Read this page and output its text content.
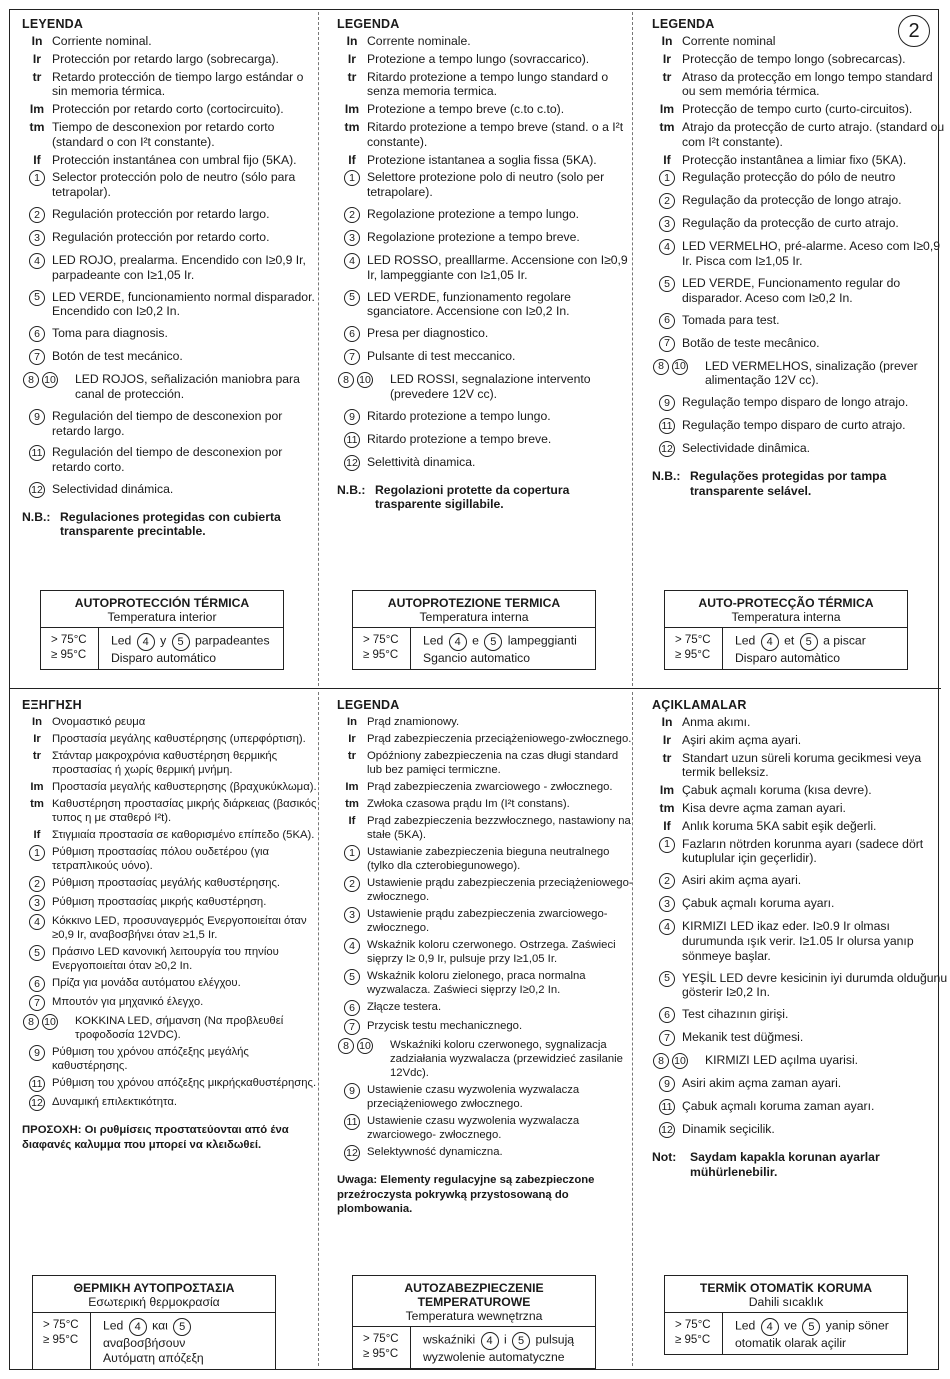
2
LEYENDA
In Corriente nominal.
Ir Protección por retardo largo (sobrecarga).
tr Retardo protección de tiempo largo estándar o sin memoria térmica.
Im Protección por retardo corto (cortocircuito).
tm Tiempo de desconexion por retardo corto (standard o con I²t constante).
If Protección instantánea con umbral fijo (5KA).
1 Selector protección polo de neutro (sólo para tetrapolar).
2 Regulación protección por retardo largo.
3 Regulación protección por retardo corto.
4 LED ROJO, prealarma. Encendido con I≥0,9 Ir, parpadeante con I≥1,05 Ir.
5 LED VERDE, funcionamiento normal disparador. Encendido con I≥0,2 In.
6 Toma para diagnosis.
7 Botón de test mecánico.
8 10 LED ROJOS, señalización maniobra para canal de protección.
9 Regulación del tiempo de desconexion por retardo largo.
11 Regulación del tiempo de desconexion por retardo corto.
12 Selectividad dinámica.
N.B.: Regulaciones protegidas con cubierta transparente precintable.
AUTOPROTECCIÓN TÉRMICA
Temperatura interior
> 75°C
≥ 95°C
Led 4 y 5 parpadeantes
Disparo automático
LEGENDA
In Corrente nominale.
Ir Protezione a tempo lungo (sovraccarico).
tr Ritardo protezione a tempo lungo standard o senza memoria termica.
Im Protezione a tempo breve (c.to c.to).
tm Ritardo protezione a tempo breve (stand. o a I²t constante).
If Protezione istantanea a soglia fissa (5KA).
1 Selettore protezione polo di neutro (solo per tetrapolare).
2 Regolazione protezione a tempo lungo.
3 Regolazione protezione a tempo breve.
4 LED ROSSO, prealllarme. Accensione con I≥0,9 Ir, lampeggiante con I≥1,05 Ir.
5 LED VERDE, funzionamento regolare sganciatore. Accensione con I≥0,2 In.
6 Presa per diagnostico.
7 Pulsante di test meccanico.
8 10 LED ROSSI, segnalazione intervento (prevedere 12V cc).
9 Ritardo protezione a tempo lungo.
11 Ritardo protezione a tempo breve.
12 Selettività dinamica.
N.B.: Regolazioni protette da copertura trasparente sigillabile.
AUTOPROTEZIONE TERMICA
Temperatura interna
> 75°C
≥ 95°C
Led 4 e 5 lampeggianti
Sgancio automatico
LEGENDA
In Corrente nominal
Ir Protecção de tempo longo (sobrecarcas).
tr Atraso da protecção em longo tempo standard ou sem memória térmica.
Im Protecção de tempo curto (curto-circuitos).
tm Atrajo da protecção de curto atrajo. (standard ou com I²t constante).
If Protecção instantânea a limiar fixo (5KA).
1 Regulação protecção do pólo de neutro
2 Regulação da protecção de longo atrajo.
3 Regulação da protecção de curto atrajo.
4 LED VERMELHO, pré-alarme. Aceso com I≥0,9 Ir. Pisca com I≥1,05 Ir.
5 LED VERDE, Funcionamento regular do disparador. Aceso com I≥0,2 In.
6 Tomada para test.
7 Botão de teste mecânico.
8 10 LED VERMELHOS, sinalização (prever alimentação 12V cc).
9 Regulação tempo disparo de longo atrajo.
11 Regulação tempo disparo de curto atrajo.
12 Selectividade dinâmica.
N.B.: Regulações protegidas por tampa transparente selável.
AUTO-PROTECÇÃO TÉRMICA
Temperatura interna
> 75°C
≥ 95°C
Led 4 et 5 a piscar
Disparo automàtico
ΕΞΗΓΗΣΗ
In Ονομαστικό ρευμα
Ir Προστασία μεγάλης καθυστέρησης (υπερφόρτιση).
tr Στάνταρ μακροχρόνια καθυστέρηση θερμικής προστασίας ή χωρίς θερμική μνήμη.
Im Προστασία μεγαλής καθυστερησης (βραχυκύκλωμα).
tm Καθυστέρηση προστασίας μικρής διάρκειας (βασικός τυπος η με σταθερό I²t).
If	Στιγμιαία προστασία σε καθορισμένο επίπεδο (5KA).
1	Ρύθμιση προστασίας πόλου ουδετέρου (για τετραπλικούς υόνο).
2	Ρύθμιση προστασίας μεγάλής καθυστέρησης.
3	Ρύθμιση προστασίας μικρής καθυστέρηση.
4	Κόκκινο LED, προσυναγερμός Ενεργοποιείται όταν ≥0,9 Ir, αναβοσβήνει όταν ≥1,5 Ir.
5	Πράσινο LED κανονική λειτουργία του πηνίου Ενεργοποιείται όταν ≥0,2 In.
6	Πρίζα για μονάδα αυτόματου ελέγχου.
7	Μπουτόν για μηχανικό έλεγχο.
8 10 ΚΟΚΚΙΝΑ LED, σήμανση (Να προβλευθεί τροφοδοσία 12VDC).
9	Ρύθμιση του χρόνου απόζεξης μεγάλής καθυστέρησης.
11 Ρύθμιση του χρόνου απόζεξης μικρήςκαθυστέρησης.
12 Δυναμική επιλεκτικότητα.
ΠΡΟΣΟΧΗ: Οι ρυθμίσεις προστατεύονται από ένα διαφανές καλυμμα που μπορεί να κλειδωθεί.
ΘΕΡΜΙΚΗ ΑΥΤΟΠΡΟΣΤΑΣΙΑ
Εσωτερική θερμοκρασία
> 75°C
≥ 95°C
Led 4 και 5 αναβοσβήσουν
Αυτόματη απόζεξη
LEGENDA
In Prąd znamionowy.
Ir Prąd zabezpieczenia przeciążeniowego-zwłocznego.
tr Opóźniony zabezpieczenia na czas długi standard lub bez pamięci termiczne.
Im Prąd zabezpieczenia zwarciowego - zwłocznego.
tm Zwłoka czasowa prądu Im (I²t constans).
If	Prąd zabezpieczenia bezzwłocznego, nastawiony na stałe (5KA).
1	Ustawianie zabezpieczenia bieguna neutralnego (tylko dla czterobiegunowego).
2	Ustawienie prądu zabezpieczenia przeciążeniowego- zwłocznego.
3	Ustawienie prądu zabezpieczenia zwarciowego- zwłocznego.
4	Wskaźnik koloru czerwonego. Ostrzega. Zaświeci sięprzy I≥ 0,9 Ir, pulsuje przy I≥1,05 Ir.
5	Wskaźnik koloru zielonego, praca normalna wyzwalacza. Zaświeci sięprzy I≥0,2 In.
6	Złącze testera.
7	Przycisk testu mechanicznego.
8 10 Wskaźniki koloru czerwonego, sygnalizacja zadziałania wyzwalacza (przewidzieć zasilanie 12Vdc).
9	Ustawienie czasu wyzwolenia wyzwalacza przeciążeniowego zwłocznego.
11 Ustawienie czasu wyzwolenia wyzwalacza zwarciowego- zwłocznego.
12 Selektywność dynamiczna.
Uwaga: Elementy regulacyjne są zabezpieczone przeźroczysta pokrywką przystosowaną do plombowania.
AUTOZABEZPIECZENIE TEMPERATUROWE
Temperatura wewnętrzna
> 75°C
≥ 95°C
wskaźniki 4 i 5 pulsują
wyzwolenie automatyczne
AÇIKLAMALAR
In Anma akımı.
Ir Aşiri akim açma ayari.
tr Standart uzun süreli koruma gecikmesi veya termik belleksiz.
Im Çabuk açmalı koruma (kısa devre).
tm Kisa devre açma zaman ayari.
If Anlık koruma 5KA sabit eşik değerli.
1 Fazların nötrden korunma ayarı (sadece dört kutuplular için geçerlidir).
2 Asiri akim açma ayari.
3 Çabuk açmalı koruma ayarı.
4 KIRMIZI LED ikaz eder. I≥0.9 Ir olması durumunda ışık verir. I≥1.05 Ir olursa yanıp sönmeye başlar.
5 YEŞİL LED devre kesicinin iyi durumda olduğunu gösterir I≥0,2 In.
6 Test cihazının girişi.
7 Mekanik test düğmesi.
8 10 KIRMIZI LED açılma uyarisi.
9 Asiri akim açma zaman ayari.
11 Çabuk açmalı koruma zaman ayarı.
12 Dinamik seçicilik.
Not:	Saydam kapakla korunan ayarlar mühürlenebilir.
TERMİK OTOMATİK KORUMA
Dahili sıcaklık
> 75°C
≥ 95°C
Led 4 ve 5 yanip söner
otomatik olarak açilir
